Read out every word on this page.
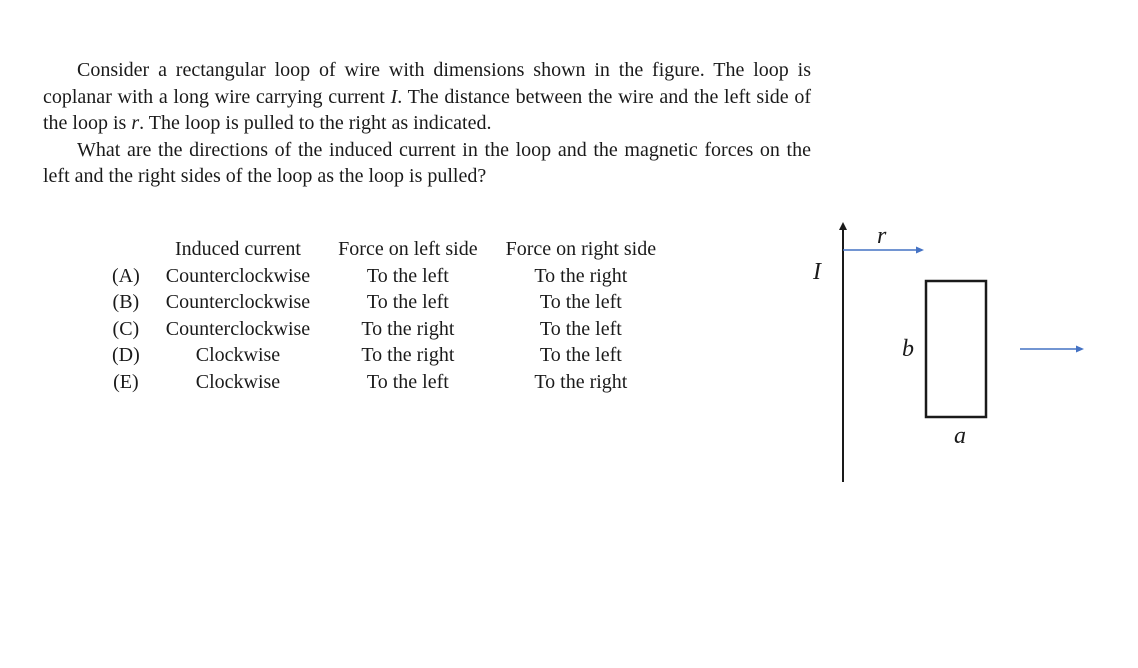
Consider a rectangular loop of wire with dimensions shown in the figure. The loop is coplanar with a long wire carrying current I. The distance between the wire and the left side of the loop is r. The loop is pulled to the right as indicated.

What are the directions of the induced current in the loop and the magnetic forces on the left and the right sides of the loop as the loop is pulled?

	Induced current	Force on left side	Force on right side
(A)	Counterclockwise	To the left	To the right
(B)	Counterclockwise	To the left	To the left
(C)	Counterclockwise	To the right	To the left
(D)	Clockwise	To the right	To the left
(E)	Clockwise	To the left	To the right
I
r
b
a
